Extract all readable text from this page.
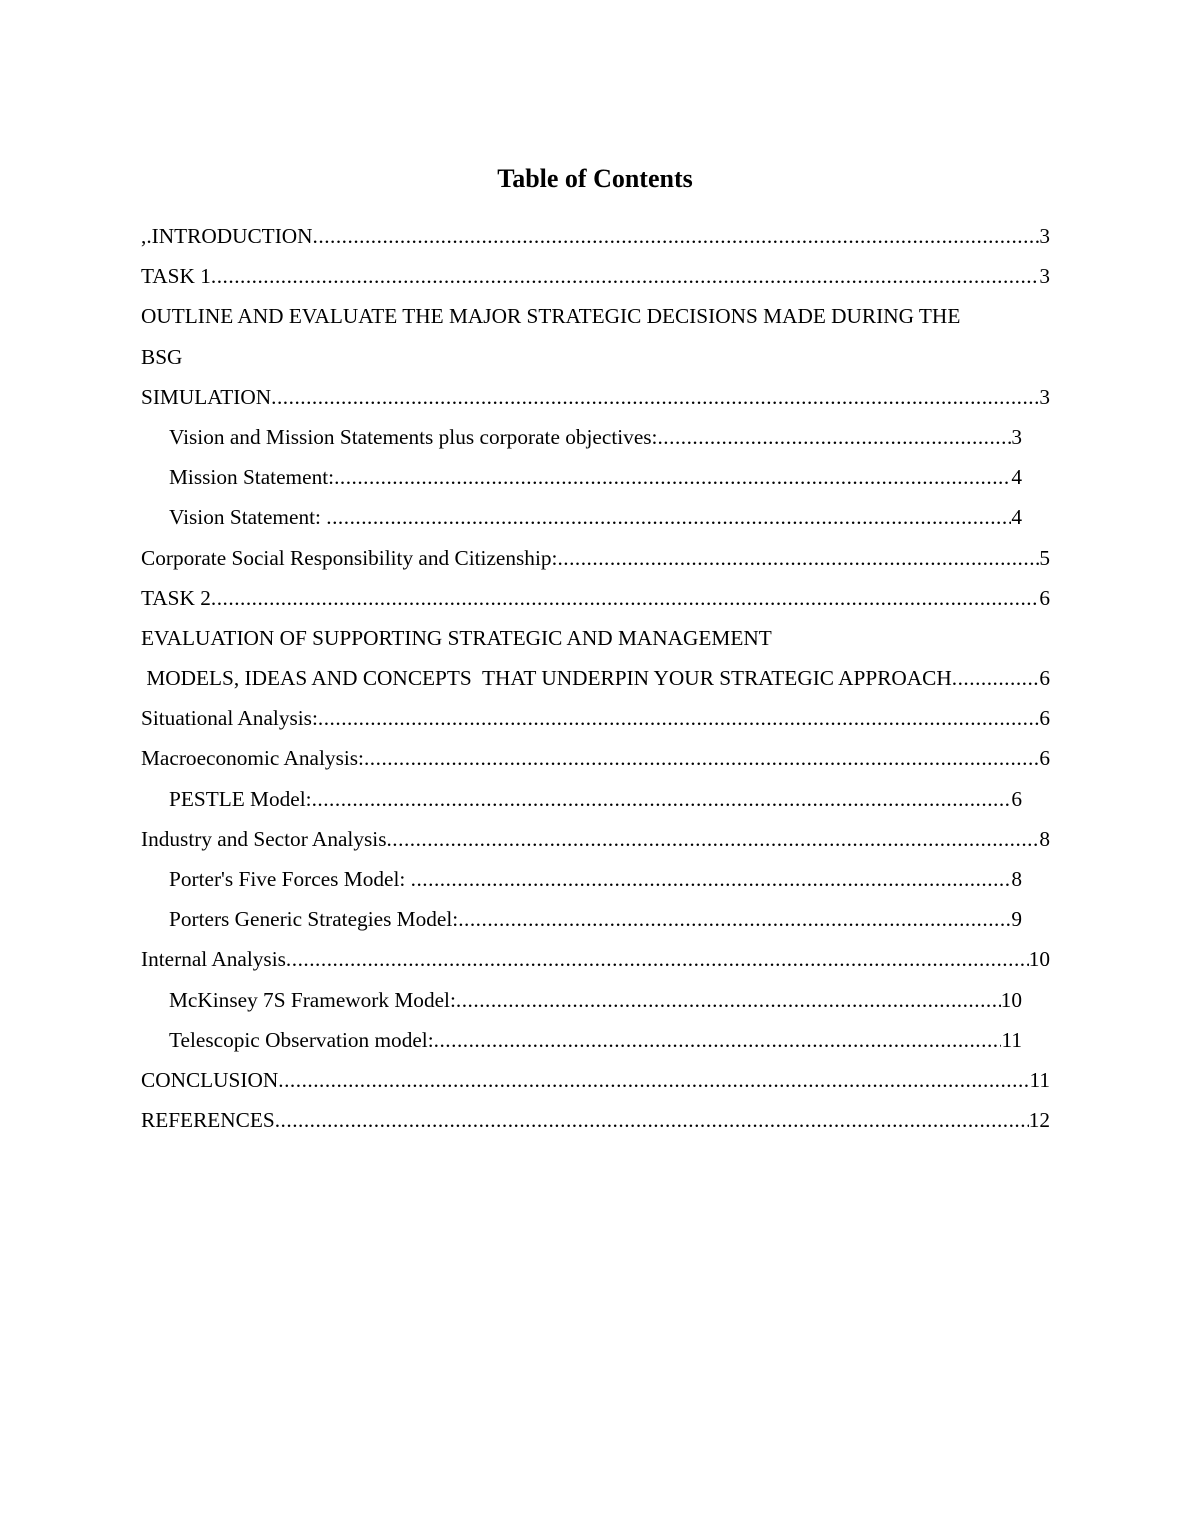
Table of Contents
,.INTRODUCTION .....	3
TASK 1 .....	3
OUTLINE AND EVALUATE THE MAJOR STRATEGIC DECISIONS MADE DURING THE
BSG
SIMULATION .....	3
Vision and Mission Statements plus corporate objectives: .....	3
Mission Statement: .....	4
Vision Statement: .....	4
Corporate Social Responsibility and Citizenship: .....	5
TASK 2 .....	6
EVALUATION OF SUPPORTING STRATEGIC AND MANAGEMENT
MODELS, IDEAS AND CONCEPTS  THAT UNDERPIN YOUR STRATEGIC APPROACH .....	6
Situational Analysis: .....	6
Macroeconomic Analysis: .....	6
PESTLE Model: .....	6
Industry and Sector Analysis .....	8
Porter's Five Forces Model: .....	8
Porters Generic Strategies Model: .....	9
Internal Analysis .....	10
McKinsey 7S Framework Model: .....	10
Telescopic Observation model: .....	11
CONCLUSION .....	11
REFERENCES .....	12
